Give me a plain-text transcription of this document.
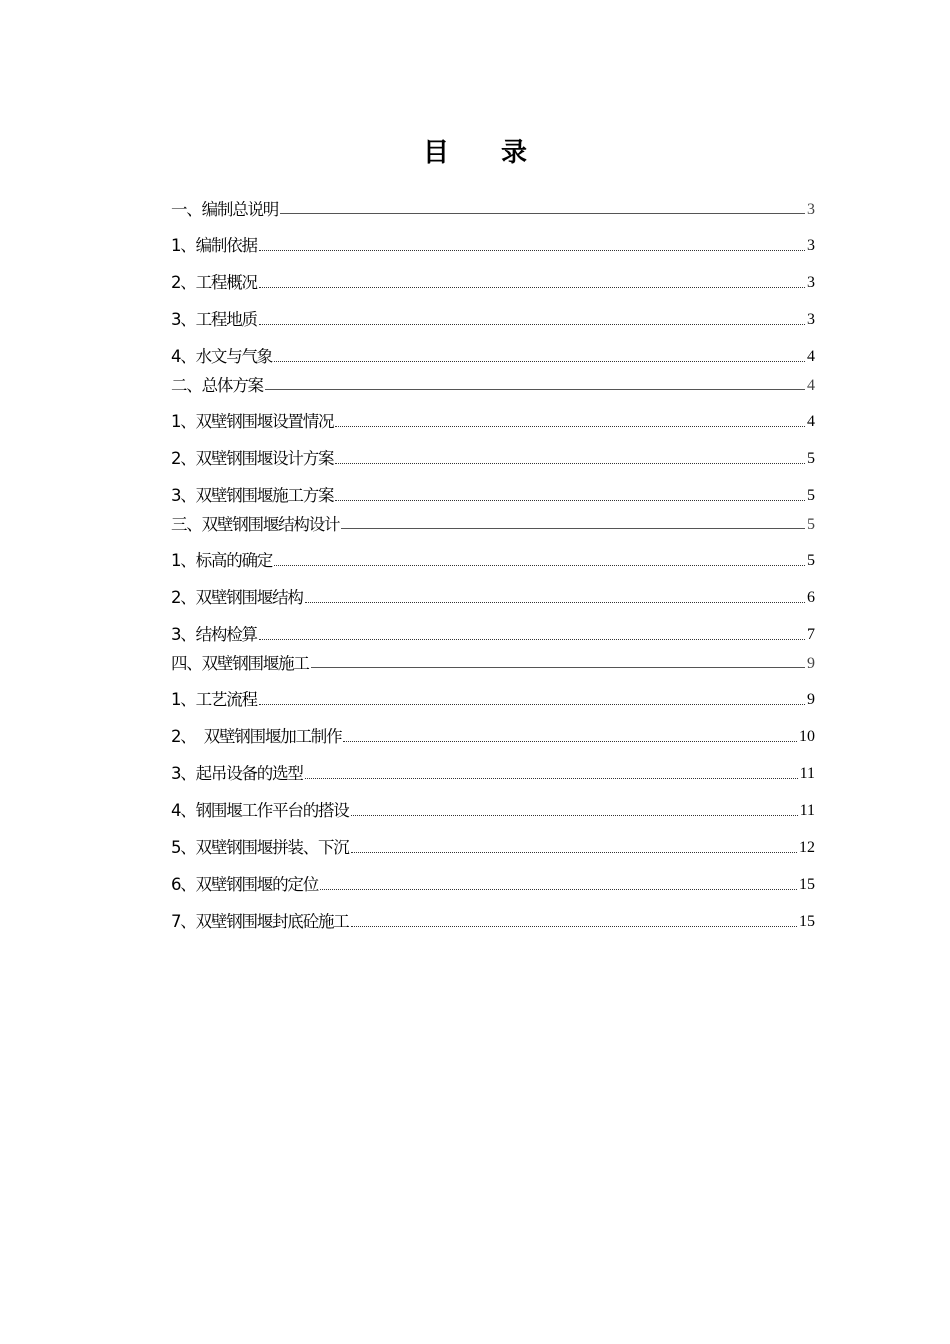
目 录
一、编制总说明	3
1、编制依据	3
2、工程概况	3
3、工程地质	3
4、水文与气象	4
二、总体方案	4
1、双壁钢围堰设置情况	4
2、双壁钢围堰设计方案	5
3、双壁钢围堰施工方案	5
三、双壁钢围堰结构设计	5
1、标高的确定	5
2、双壁钢围堰结构	6
3、结构检算	7
四、双壁钢围堰施工	9
1、工艺流程	9
2、  双壁钢围堰加工制作	10
3、起吊设备的选型	11
4、钢围堰工作平台的搭设	11
5、双壁钢围堰拼装、下沉	12
6、双壁钢围堰的定位	15
7、双壁钢围堰封底砼施工	15
